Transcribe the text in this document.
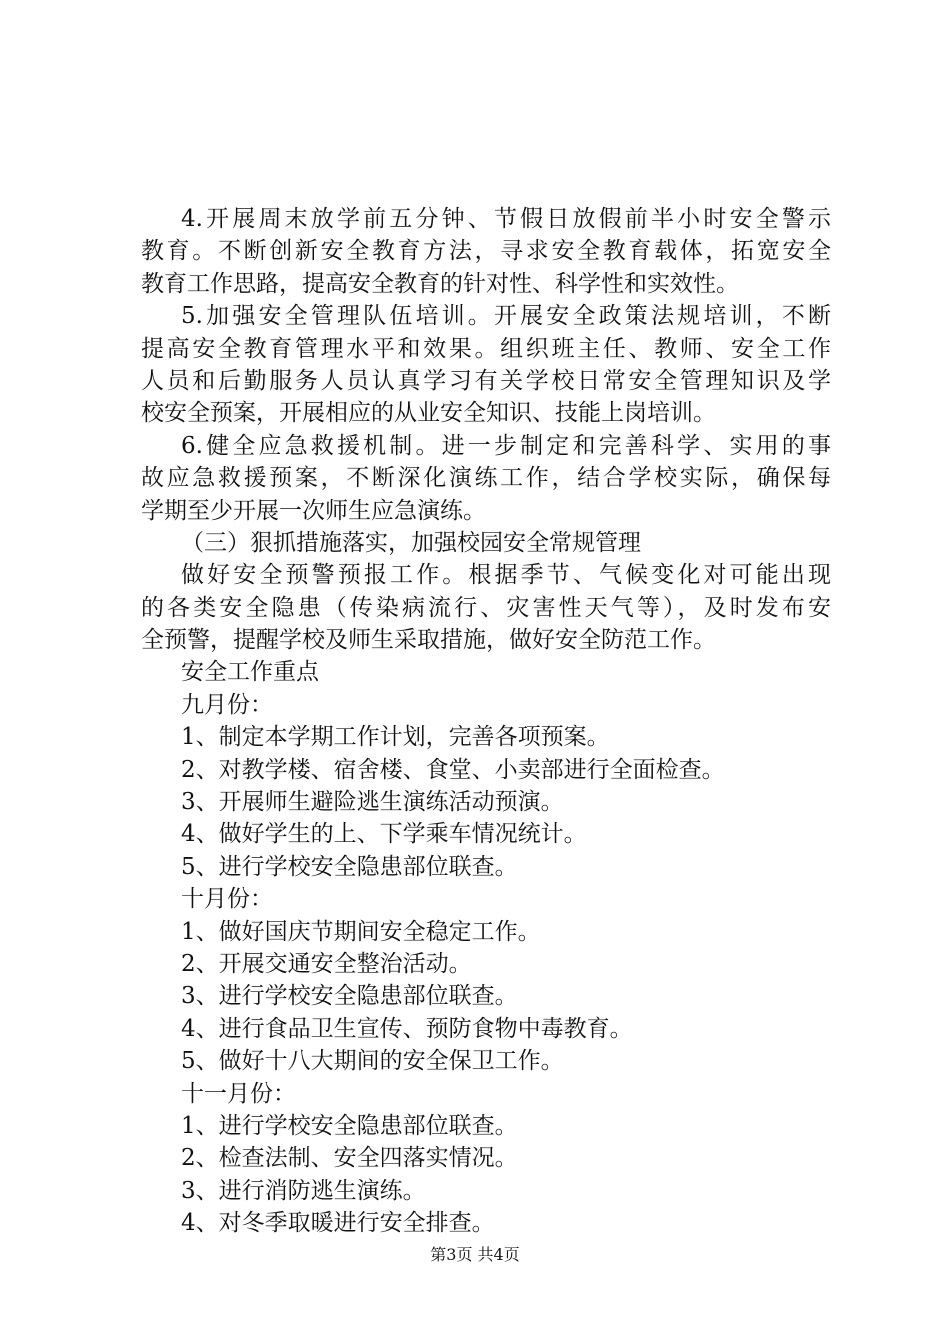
4.开展周末放学前五分钟、节假日放假前半小时安全警示

教育。不断创新安全教育方法，寻求安全教育载体，拓宽安全

教育工作思路，提高安全教育的针对性、科学性和实效性。

5.加强安全管理队伍培训。开展安全政策法规培训，不断

提高安全教育管理水平和效果。组织班主任、教师、安全工作

人员和后勤服务人员认真学习有关学校日常安全管理知识及学

校安全预案，开展相应的从业安全知识、技能上岗培训。

6.健全应急救援机制。进一步制定和完善科学、实用的事

故应急救援预案，不断深化演练工作，结合学校实际，确保每

学期至少开展一次师生应急演练。

（三）狠抓措施落实，加强校园安全常规管理

做好安全预警预报工作。根据季节、气候变化对可能出现

的各类安全隐患（传染病流行、灾害性天气等），及时发布安

全预警，提醒学校及师生采取措施，做好安全防范工作。

安全工作重点

九月份：

1、制定本学期工作计划，完善各项预案。

2、对教学楼、宿舍楼、食堂、小卖部进行全面检查。

3、开展师生避险逃生演练活动预演。

4、做好学生的上、下学乘车情况统计。

5、进行学校安全隐患部位联查。

十月份：

1、做好国庆节期间安全稳定工作。

2、开展交通安全整治活动。

3、进行学校安全隐患部位联查。

4、进行食品卫生宣传、预防食物中毒教育。

5、做好十八大期间的安全保卫工作。

十一月份：

1、进行学校安全隐患部位联查。

2、检查法制、安全四落实情况。

3、进行消防逃生演练。

4、对冬季取暖进行安全排查。

第3页 共4页
